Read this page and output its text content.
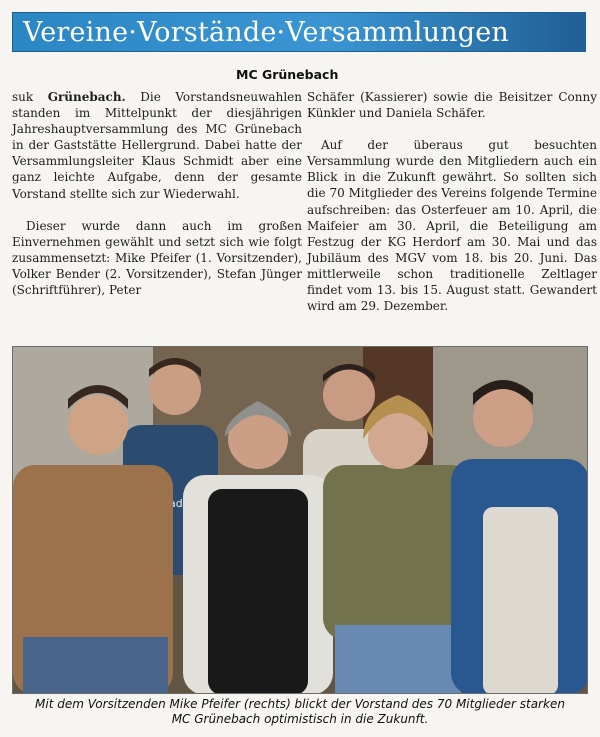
Vereine·Vorstände·Versammlungen
MC Grünebach

suk Grünebach. Die Vorstandsneuwahlen standen im Mittelpunkt der diesjährigen Jahreshauptversammlung des MC Grünebach in der Gaststätte Hellergrund. Dabei hatte der Versammlungsleiter Klaus Schmidt aber eine ganz leichte Aufgabe, denn der gesamte Vorstand stellte sich zur Wiederwahl.

Dieser wurde dann auch im großen Einvernehmen gewählt und setzt sich wie folgt zusammensetzt: Mike Pfeifer (1. Vorsitzender), Volker Bender (2. Vorsitzender), Stefan Jünger (Schriftführer), Peter

Schäfer (Kassierer) sowie die Beisitzer Conny Künkler und Daniela Schäfer.

Auf der überaus gut besuchten Versammlung wurde den Mitgliedern auch ein Blick in die Zukunft gewährt. So sollten sich die 70 Mitglieder des Vereins folgende Termine aufschreiben: das Osterfeuer am 10. April, die Maifeier am 30. April, die Beteiligung am Festzug der KG Herdorf am 30. Mai und das Jubiläum des MGV vom 18. bis 20. Juni. Das mittlerweile schon traditionelle Zeltlager findet vom 13. bis 15. August statt. Gewandert wird am 29. Dezember.

Mit dem Vorsitzenden Mike Pfeifer (rechts) blickt der Vorstand des 70 Mitglieder starken
MC Grünebach optimistisch in die Zukunft.
